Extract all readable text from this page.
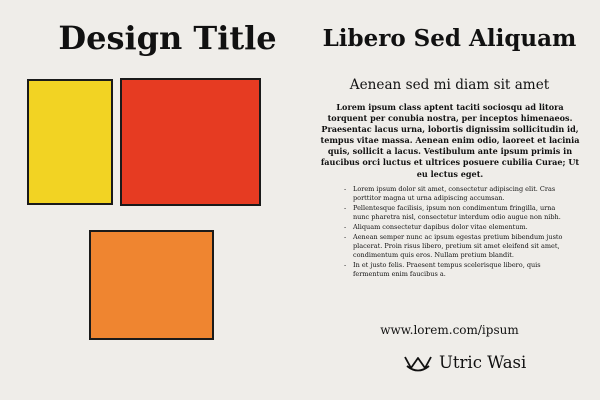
Design Title	Libero Sed Aliquam
Aenean sed mi diam sit amet
Lorem ipsum class aptent taciti sociosqu ad litora torquent per conubia nostra, per inceptos himenaeos. Praesentac lacus urna, lobortis dignissim sollicitudin id, tempus vitae massa. Aenean enim odio, laoreet et lacinia quis, sollicit a lacus. Vestibulum ante ipsum primis in faucibus orci luctus et ultrices posuere cubilia Curae; Ut eu lectus eget.
- Lorem ipsum dolor sit amet, consectetur adipiscing elit. Cras porttitor magna ut urna adipiscing accumsan.
- Pellentesque facilisis, ipsum non condimentum fringilla, urna nunc pharetra nisl, consectetur interdum odio augue non nibh.
- Aliquam consectetur dapibus dolor vitae elementum.
- Aenean semper nunc ac ipsum egestas pretium bibendum justo placerat. Proin risus libero, pretium sit amet eleifend sit amet, condimentum quis eros. Nullam pretium blandit.
- In et justo felis. Praesent tempus scelerisque libero, quis fermentum enim faucibus a.
www.lorem.com/ipsum
Utric Wasi
